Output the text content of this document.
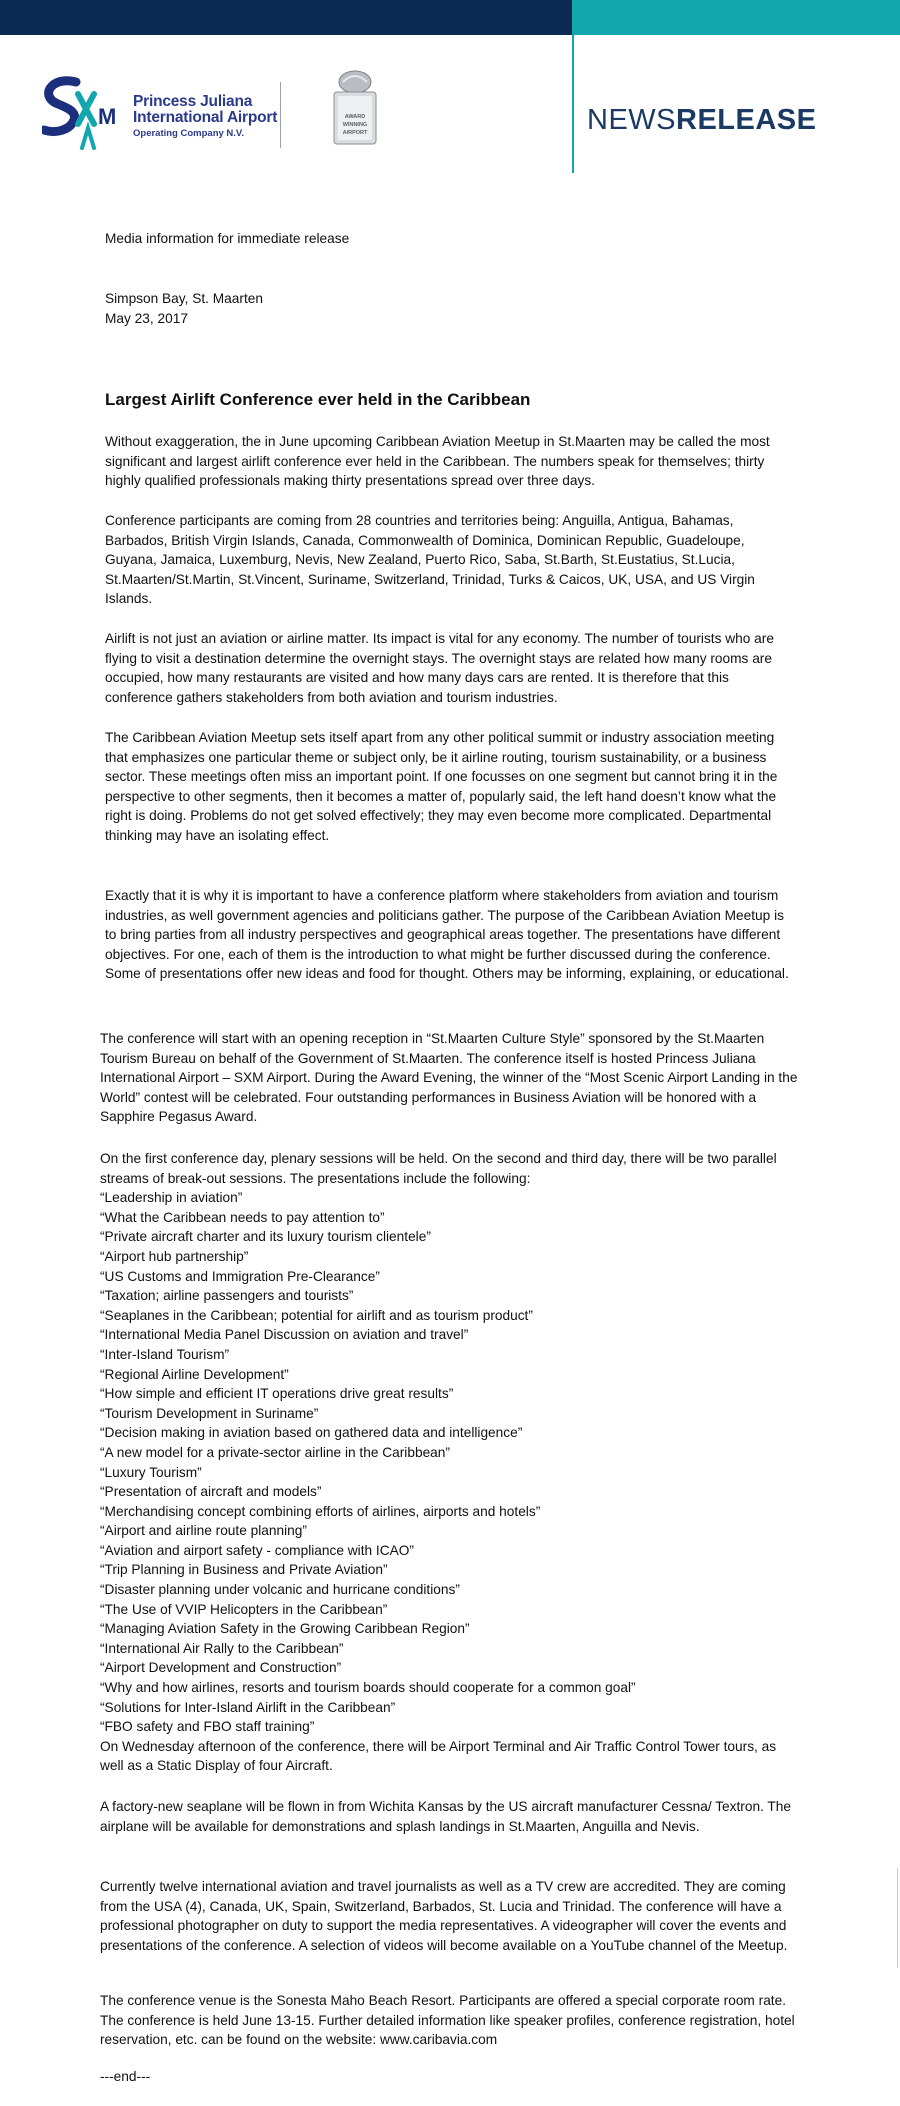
M
Princess Juliana
International Airport
Operating Company N.V.
AWARD
WINNING
AIRPORT	NEWSRELEASE
Media information for immediate release
Simpson Bay, St. Maarten
May 23, 2017
Largest Airlift Conference ever held in the Caribbean

Without exaggeration, the in June upcoming Caribbean Aviation Meetup in St.Maarten may be called the most significant and largest airlift conference ever held in the Caribbean. The numbers speak for themselves; thirty highly qualified professionals making thirty presentations spread over three days.

Conference participants are coming from 28 countries and territories being: Anguilla, Antigua, Bahamas, Barbados, British Virgin Islands, Canada, Commonwealth of Dominica, Dominican Republic, Guadeloupe, Guyana, Jamaica, Luxemburg, Nevis, New Zealand, Puerto Rico, Saba, St.Barth, St.Eustatius, St.Lucia, St.Maarten/St.Martin, St.Vincent, Suriname, Switzerland, Trinidad, Turks & Caicos, UK, USA, and US Virgin Islands.

Airlift is not just an aviation or airline matter. Its impact is vital for any economy. The number of tourists who are flying to visit a destination determine the overnight stays. The overnight stays are related how many rooms are occupied, how many restaurants are visited and how many days cars are rented. It is therefore that this conference gathers stakeholders from both aviation and tourism industries.

The Caribbean Aviation Meetup sets itself apart from any other political summit or industry association meeting that emphasizes one particular theme or subject only, be it airline routing, tourism sustainability, or a business sector. These meetings often miss an important point. If one focusses on one segment but cannot bring it in the perspective to other segments, then it becomes a matter of, popularly said, the left hand doesn’t know what the right is doing. Problems do not get solved effectively; they may even become more complicated. Departmental thinking may have an isolating effect.

Exactly that it is why it is important to have a conference platform where stakeholders from aviation and tourism industries, as well government agencies and politicians gather. The purpose of the Caribbean Aviation Meetup is to bring parties from all industry perspectives and geographical areas together. The presentations have different objectives. For one, each of them is the introduction to what might be further discussed during the conference. Some of presentations offer new ideas and food for thought. Others may be informing, explaining, or educational.

The conference will start with an opening reception in “St.Maarten Culture Style” sponsored by the St.Maarten Tourism Bureau on behalf of the Government of St.Maarten. The conference itself is hosted Princess Juliana International Airport – SXM Airport. During the Award Evening, the winner of the “Most Scenic Airport Landing in the World” contest will be celebrated. Four outstanding performances in Business Aviation will be honored with a Sapphire Pegasus Award.

On the first conference day, plenary sessions will be held. On the second and third day, there will be two parallel streams of break-out sessions. The presentations include the following:
“Leadership in aviation”
“What the Caribbean needs to pay attention to”
“Private aircraft charter and its luxury tourism clientele”
“Airport hub partnership”
“US Customs and Immigration Pre-Clearance”
“Taxation; airline passengers and tourists”
“Seaplanes in the Caribbean; potential for airlift and as tourism product”
“International Media Panel Discussion on aviation and travel”
“Inter-Island Tourism”
“Regional Airline Development”
“How simple and efficient IT operations drive great results”
“Tourism Development in Suriname”
“Decision making in aviation based on gathered data and intelligence”
“A new model for a private-sector airline in the Caribbean”
“Luxury Tourism”
“Presentation of aircraft and models”
“Merchandising concept combining efforts of airlines, airports and hotels”
“Airport and airline route planning”
“Aviation and airport safety - compliance with ICAO”
“Trip Planning in Business and Private Aviation”
“Disaster planning under volcanic and hurricane conditions”
“The Use of VVIP Helicopters in the Caribbean”
“Managing Aviation Safety in the Growing Caribbean Region”
“International Air Rally to the Caribbean”
“Airport Development and Construction”
“Why and how airlines, resorts and tourism boards should cooperate for a common goal”
“Solutions for Inter-Island Airlift in the Caribbean”
“FBO safety and FBO staff training”
On Wednesday afternoon of the conference, there will be Airport Terminal and Air Traffic Control Tower tours, as well as a Static Display of four Aircraft.

A factory-new seaplane will be flown in from Wichita Kansas by the US aircraft manufacturer Cessna/ Textron. The airplane will be available for demonstrations and splash landings in St.Maarten, Anguilla and Nevis.

Currently twelve international aviation and travel journalists as well as a TV crew are accredited. They are coming from the USA (4), Canada, UK, Spain, Switzerland, Barbados, St. Lucia and Trinidad. The conference will have a professional photographer on duty to support the media representatives. A videographer will cover the events and presentations of the conference. A selection of videos will become available on a YouTube channel of the Meetup.

The conference venue is the Sonesta Maho Beach Resort. Participants are offered a special corporate room rate. The conference is held June 13-15. Further detailed information like speaker profiles, conference registration, hotel reservation, etc. can be found on the website: www.caribavia.com

---end---
